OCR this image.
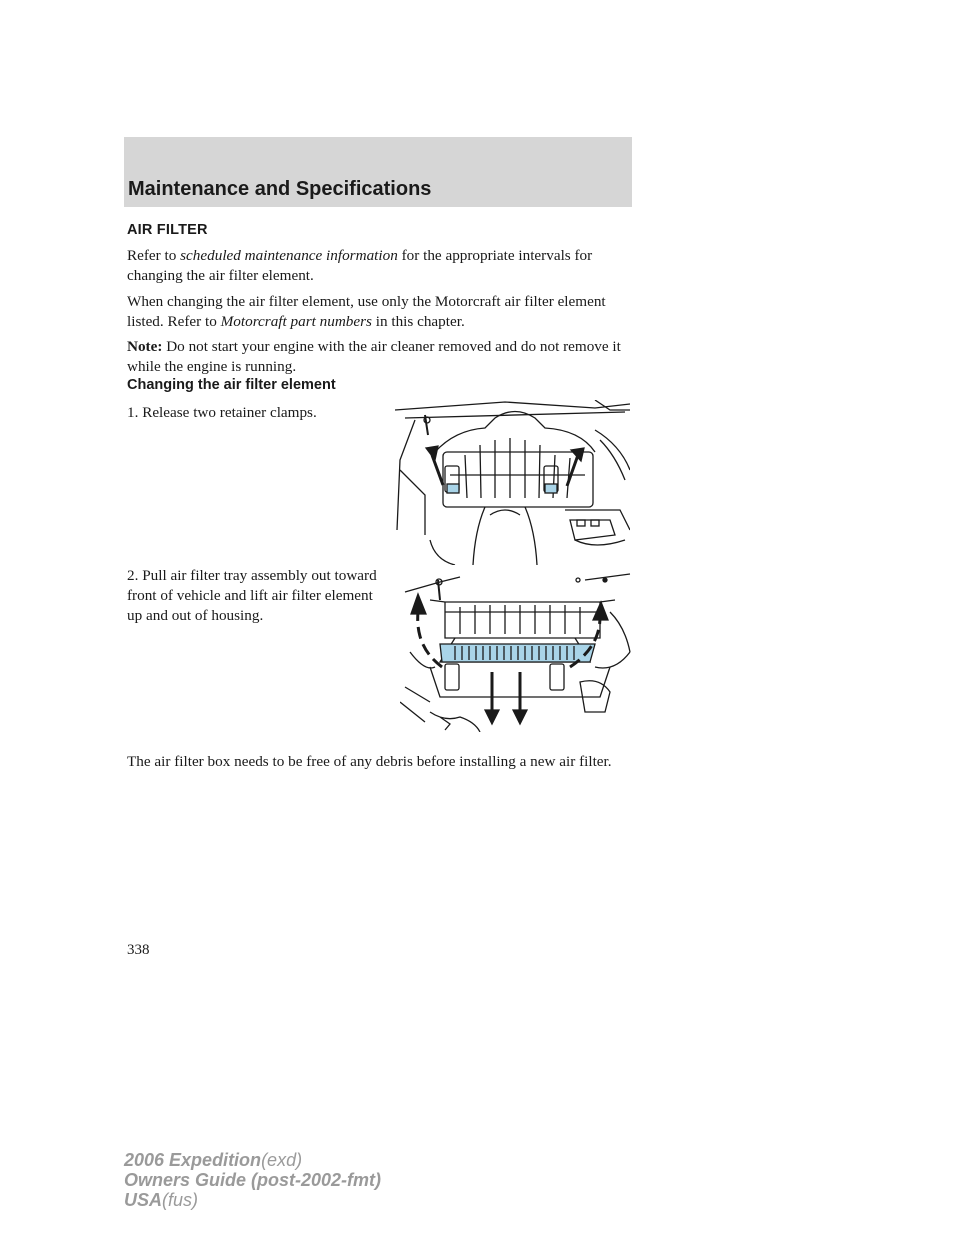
Maintenance and Specifications
AIR FILTER

Refer to scheduled maintenance information for the appropriate intervals for changing the air filter element.

When changing the air filter element, use only the Motorcraft air filter element listed. Refer to Motorcraft part numbers in this chapter.

Note: Do not start your engine with the air cleaner removed and do not remove it while the engine is running.

Changing the air filter element

1. Release two retainer clamps.

2. Pull air filter tray assembly out toward front of vehicle and lift air filter element up and out of housing.

The air filter box needs to be free of any debris before installing a new air filter.

338
2006 Expedition(exd)
Owners Guide (post-2002-fmt)
USA(fus)
